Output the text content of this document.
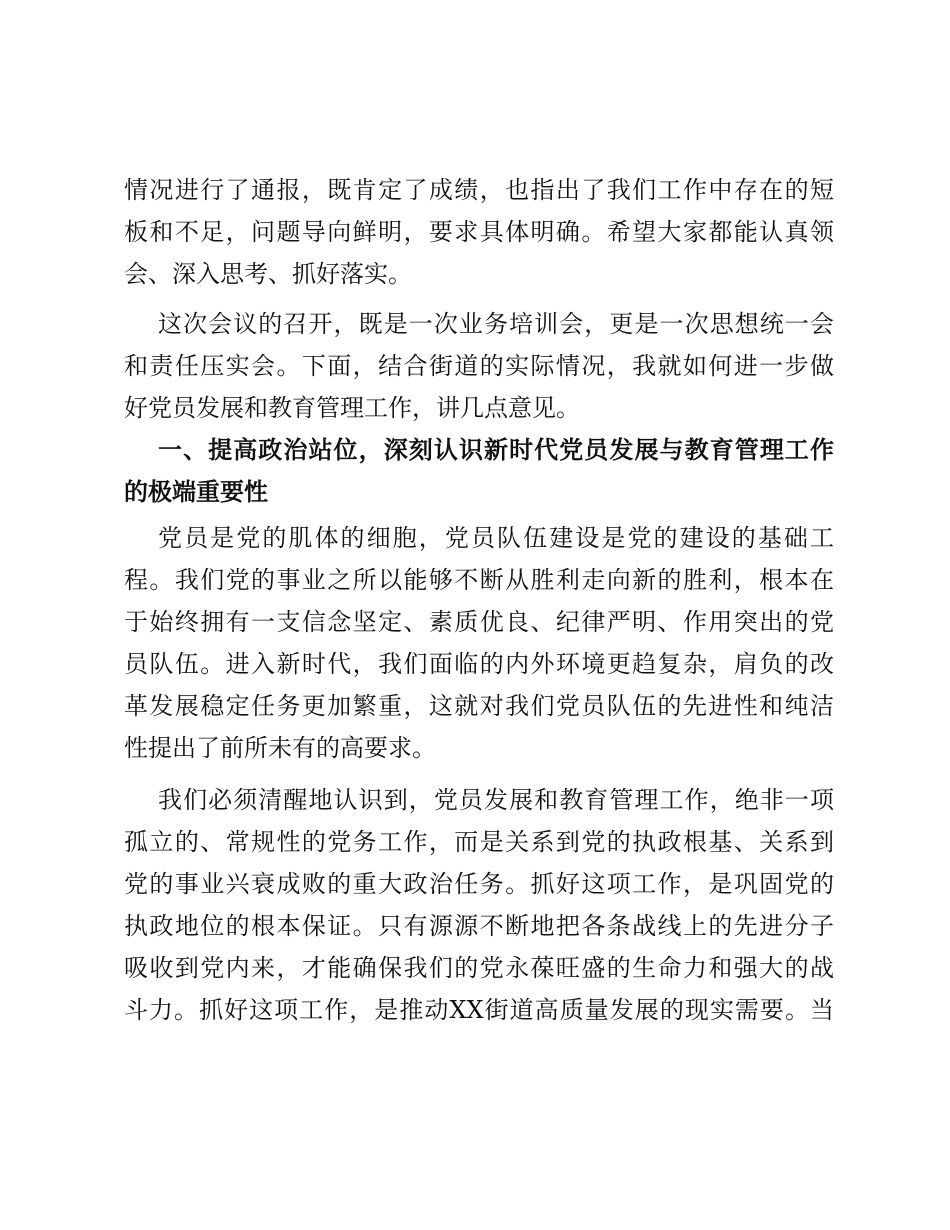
情况进行了通报，既肯定了成绩，也指出了我们工作中存在的短
板和不足，问题导向鲜明，要求具体明确。希望大家都能认真领
会、深入思考、抓好落实。
这次会议的召开，既是一次业务培训会，更是一次思想统一会
和责任压实会。下面，结合街道的实际情况，我就如何进一步做
好党员发展和教育管理工作，讲几点意见。
一、提高政治站位，深刻认识新时代党员发展与教育管理工作
的极端重要性
党员是党的肌体的细胞，党员队伍建设是党的建设的基础工
程。我们党的事业之所以能够不断从胜利走向新的胜利，根本在
于始终拥有一支信念坚定、素质优良、纪律严明、作用突出的党
员队伍。进入新时代，我们面临的内外环境更趋复杂，肩负的改
革发展稳定任务更加繁重，这就对我们党员队伍的先进性和纯洁
性提出了前所未有的高要求。
我们必须清醒地认识到，党员发展和教育管理工作，绝非一项
孤立的、常规性的党务工作，而是关系到党的执政根基、关系到
党的事业兴衰成败的重大政治任务。抓好这项工作，是巩固党的
执政地位的根本保证。只有源源不断地把各条战线上的先进分子
吸收到党内来，才能确保我们的党永葆旺盛的生命力和强大的战
斗力。抓好这项工作，是推动XX街道高质量发展的现实需要。当
